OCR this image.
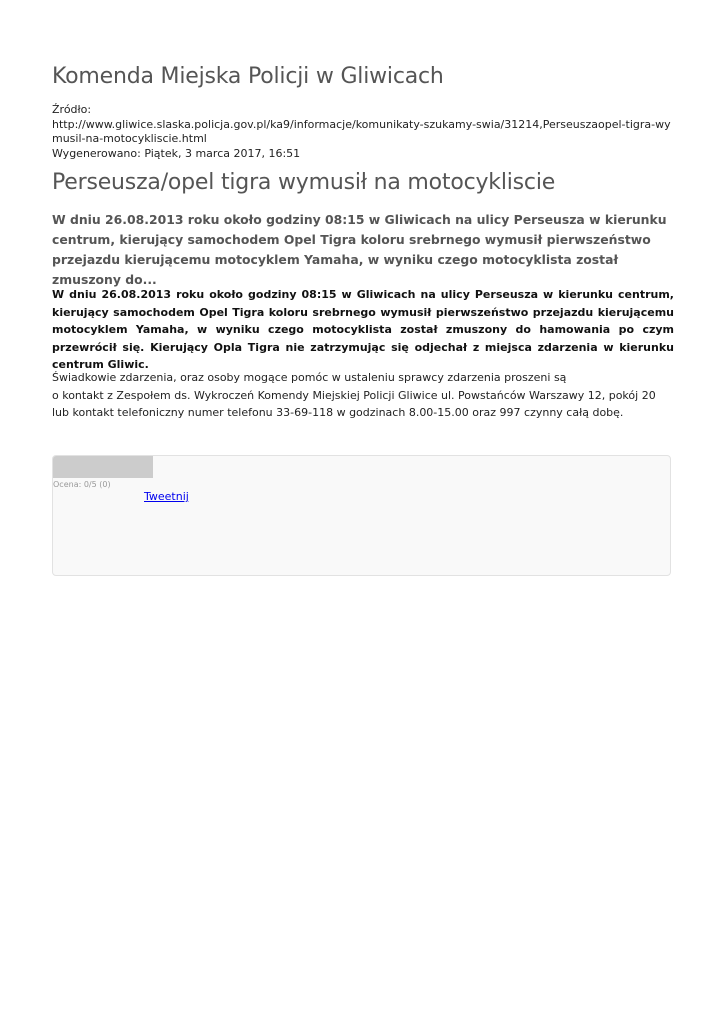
Komenda Miejska Policji w Gliwicach
Źródło:
http://www.gliwice.slaska.policja.gov.pl/ka9/informacje/komunikaty-szukamy-swia/31214,Perseuszaopel-tigra-wymusil-na-motocykliscie.html
Wygenerowano: Piątek, 3 marca 2017, 16:51
Perseusza/opel tigra wymusił na motocykliscie

W dniu 26.08.2013 roku około godziny 08:15 w Gliwicach na ulicy Perseusza w kierunku centrum, kierujący samochodem Opel Tigra koloru srebrnego wymusił pierwszeństwo przejazdu kierującemu motocyklem Yamaha, w wyniku czego motocyklista został zmuszony do...

W dniu 26.08.2013 roku około godziny 08:15 w Gliwicach na ulicy Perseusza w kierunku centrum, kierujący samochodem Opel Tigra koloru srebrnego wymusił pierwszeństwo przejazdu kierującemu motocyklem Yamaha, w wyniku czego motocyklista został zmuszony do hamowania po czym przewrócił się. Kierujący Opla Tigra nie zatrzymując się odjechał z miejsca zdarzenia w kierunku centrum Gliwic.

Świadkowie zdarzenia, oraz osoby mogące pomóc w ustaleniu sprawcy zdarzenia proszeni są
o kontakt z Zespołem ds. Wykroczeń Komendy Miejskiej Policji Gliwice ul. Powstańców Warszawy 12, pokój 20 lub kontakt telefoniczny numer telefonu 33-69-118 w godzinach 8.00-15.00 oraz 997 czynny całą dobę.
Ocena: 0/5 (0)
Tweetnij
